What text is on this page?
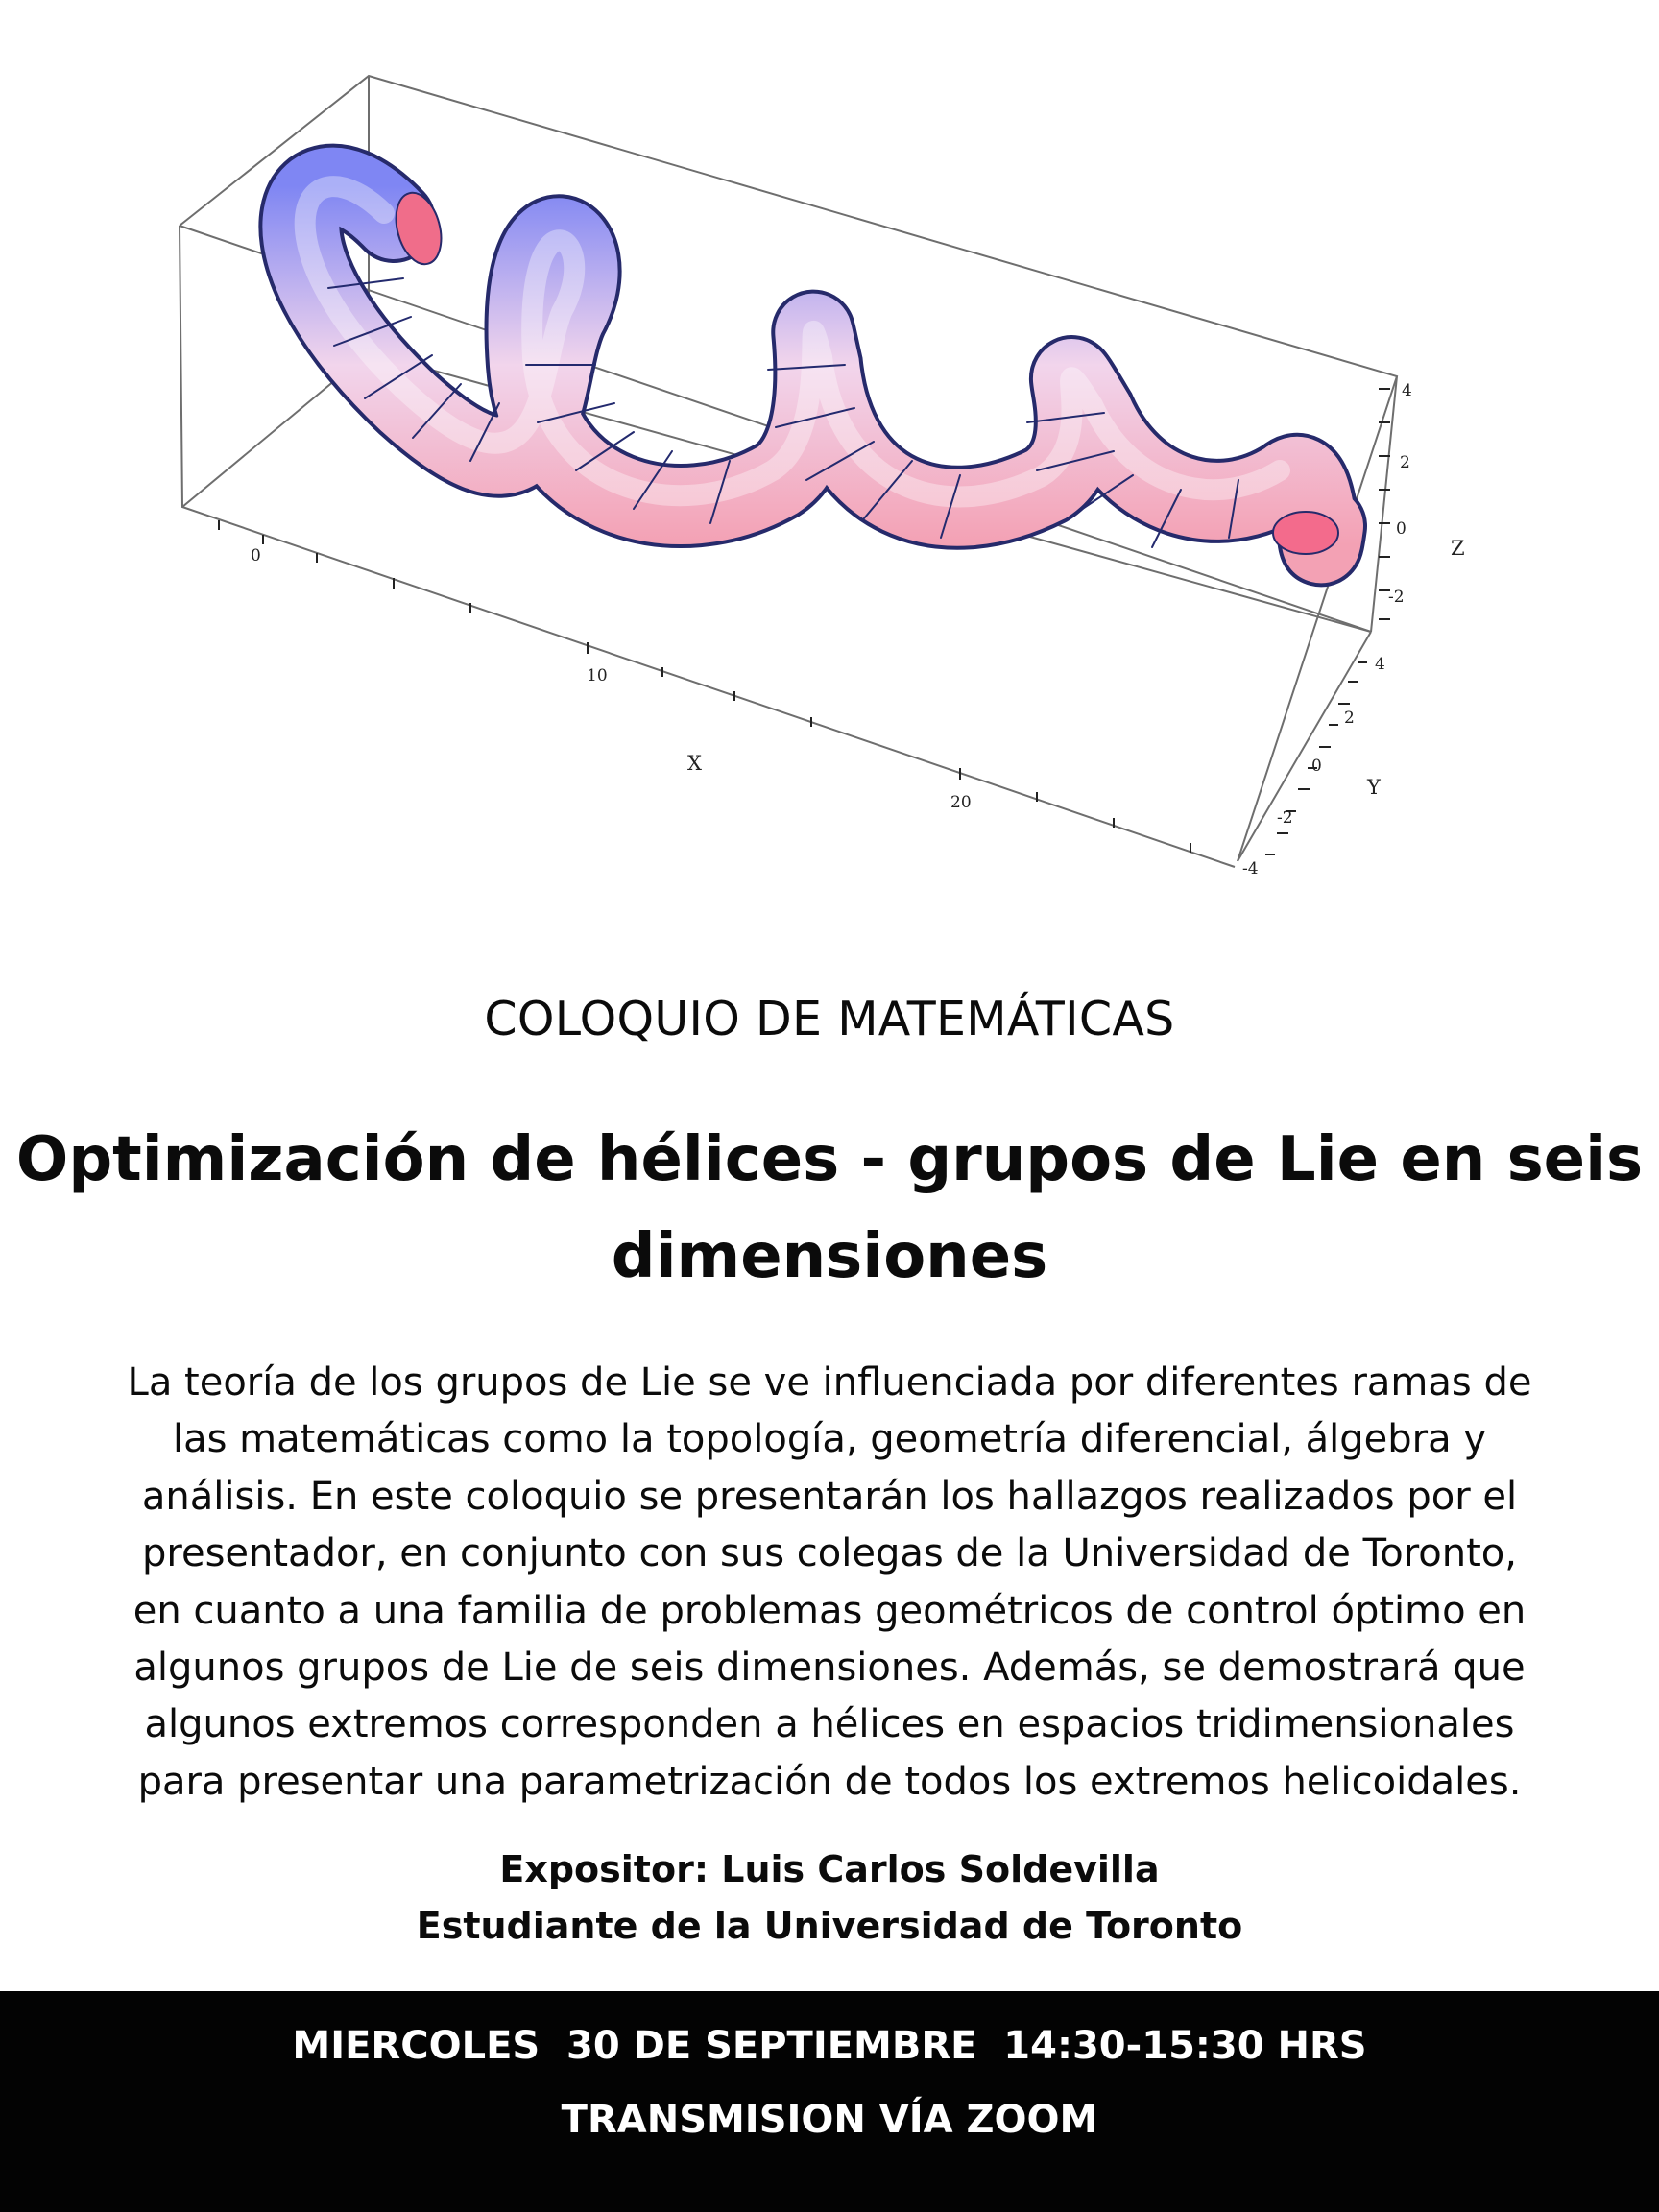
0
10
20
X
4
2
0
-2
Z
4
2
0
-2
-4
Y
COLOQUIO DE MATEMÁTICAS
Optimización de hélices - grupos de Lie en seis
dimensiones
La teoría de los grupos de Lie se ve influenciada por diferentes ramas de
las matemáticas como la topología, geometría diferencial, álgebra y
análisis. En este coloquio se presentarán los hallazgos realizados por el
presentador, en conjunto con sus colegas de la Universidad de Toronto,
en cuanto a una familia de problemas geométricos de control óptimo en
algunos grupos de Lie de seis dimensiones. Además, se demostrará que
algunos extremos corresponden a hélices en espacios tridimensionales
para presentar una parametrización de todos los extremos helicoidales.
Expositor: Luis Carlos Soldevilla
Estudiante de la Universidad de Toronto
MIERCOLES  30 DE SEPTIEMBRE  14:30-15:30 HRS
TRANSMISION VÍA ZOOM
